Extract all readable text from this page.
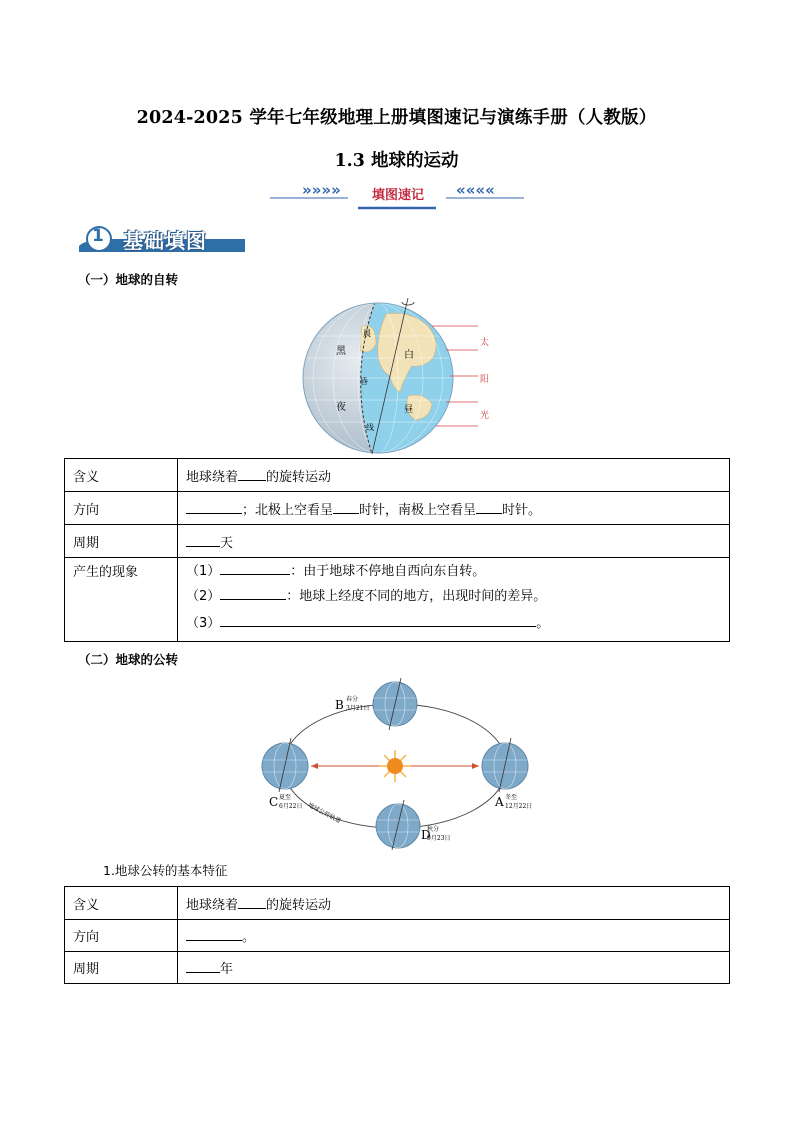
2024-2025 学年七年级地理上册填图速记与演练手册（人教版）
1.3 地球的运动
»»»»	««««
填图速记
1 基础填图
（一）地球的自转
黑
夜
白
昼
晨
昏
线
太
阳
光
含义	地球绕着 的旋转运动
方向	；北极上空看呈 时针，南极上空看呈 时针。
周期	天
产生的现象	（1） ：由于地球不停地自西向东自转。
（2） ：地球上经度不同的地方，出现时间的差异。
（3） 。
（二）地球的公转
B 春分
3月21日
C 夏至
6月22日	A 冬至
12月22日
D
秋分
9月23日
地球公转轨道
1.地球公转的基本特征
含义	地球绕着 的旋转运动
方向	。
周期	年
